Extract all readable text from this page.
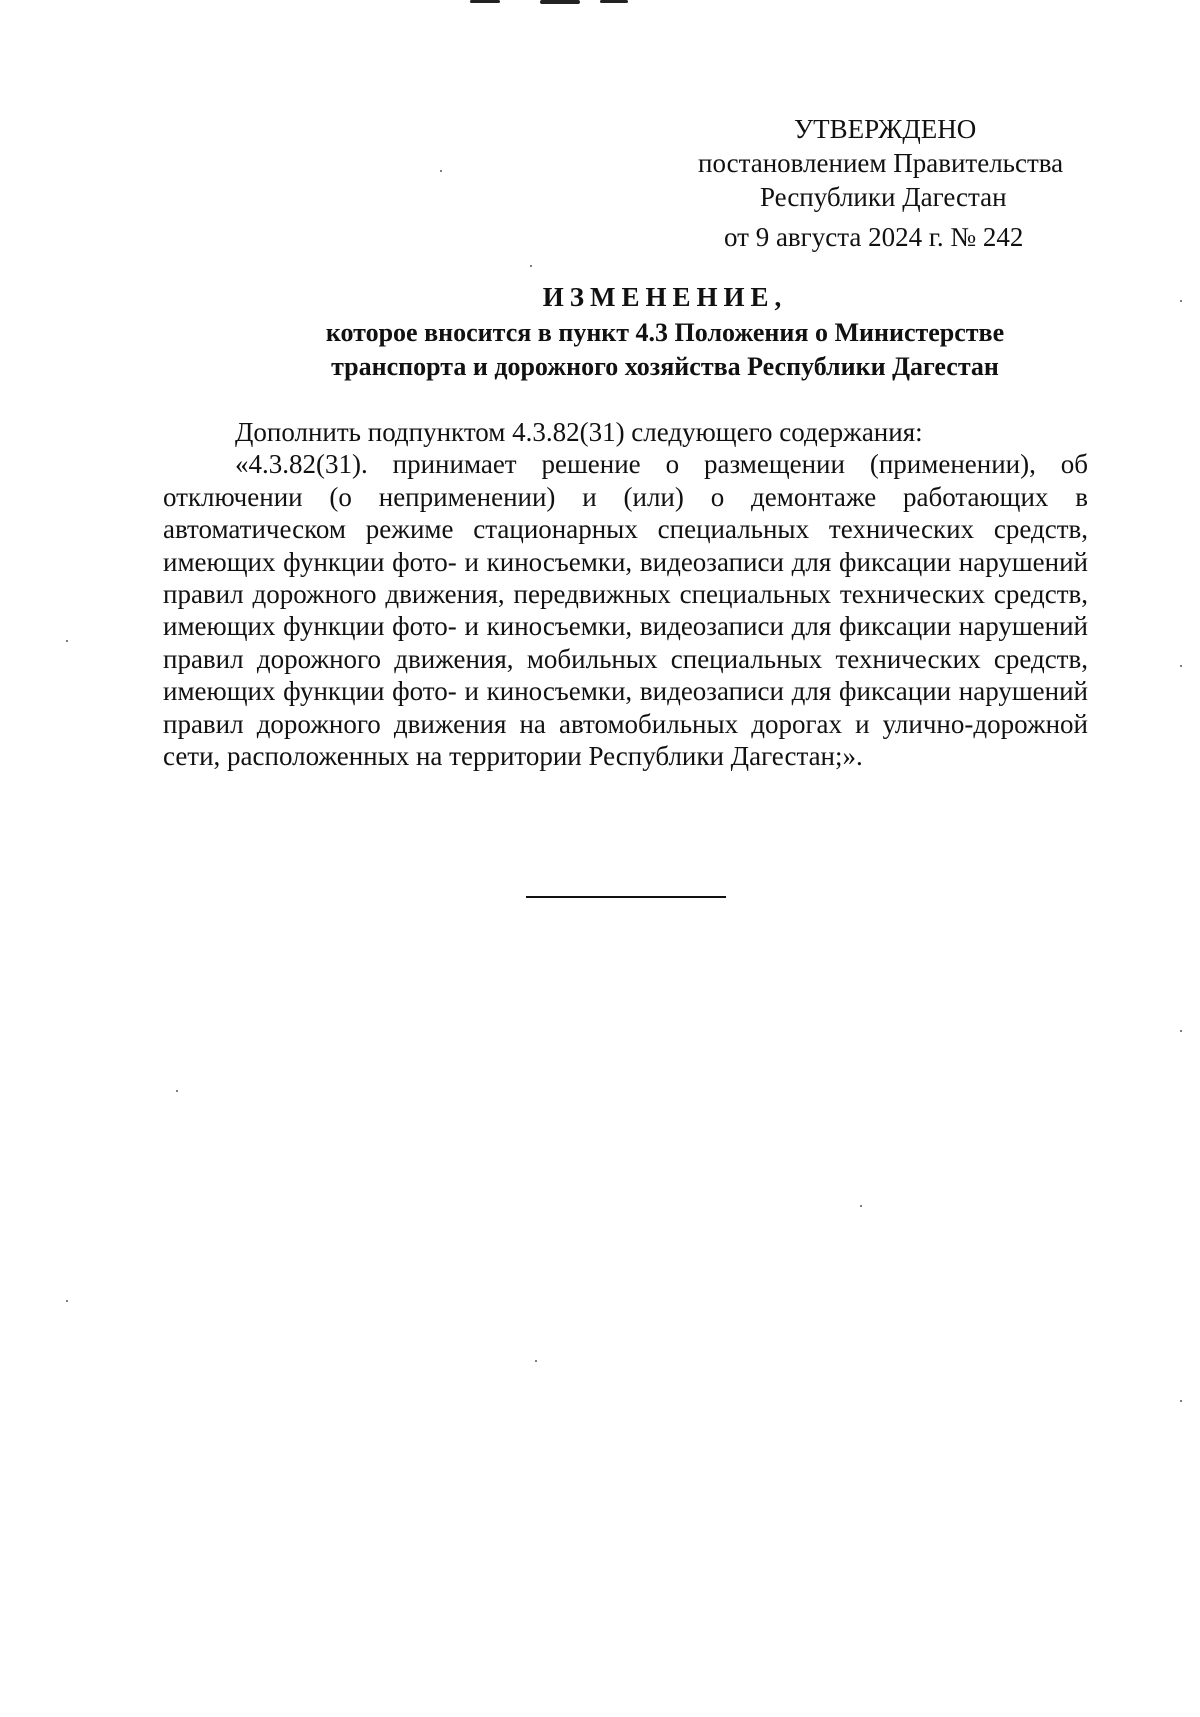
УТВЕРЖДЕНО
постановлением Правительства
Республики Дагестан
от 9 августа 2024 г. № 242
ИЗМЕНЕНИЕ,
которое вносится в пункт 4.3 Положения о Министерстве
транспорта и дорожного хозяйства Республики Дагестан

Дополнить подпунктом 4.3.82(31) следующего содержания:

«4.3.82(31). принимает решение о размещении (применении), об отключении (о неприменении) и (или) о демонтаже работающих в автоматическом режиме стационарных специальных технических средств, имеющих функции фото- и киносъемки, видеозаписи для фиксации нарушений правил дорожного движения, передвижных специальных технических средств, имеющих функции фото- и киносъемки, видеозаписи для фиксации нарушений правил дорожного движения, мобильных специальных технических средств, имеющих функции фото- и киносъемки, видеозаписи для фиксации нарушений правил дорожного движения на автомобильных дорогах и улично-дорожной сети, расположенных на территории Республики Дагестан;».
